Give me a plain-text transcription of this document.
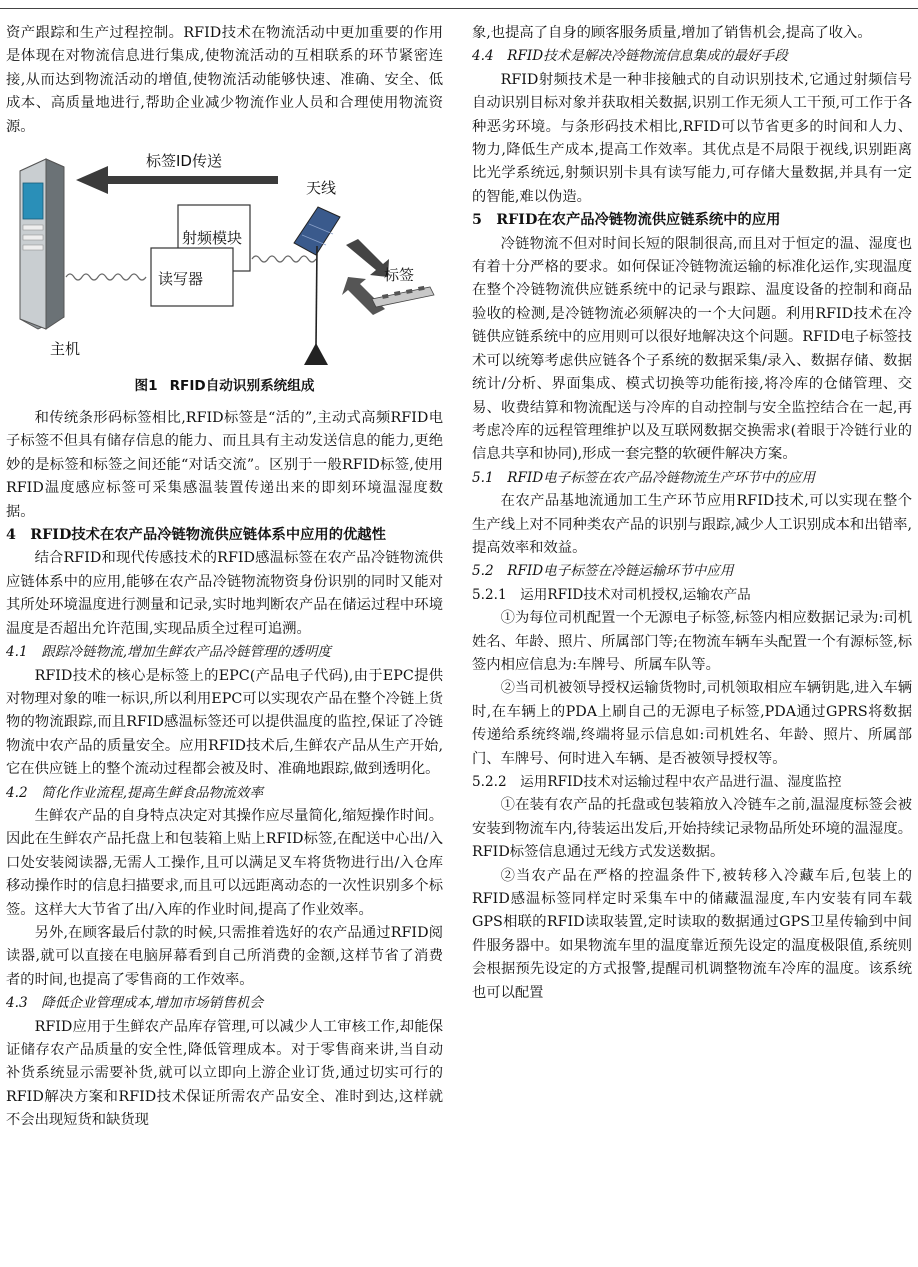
资产跟踪和生产过程控制。RFID技术在物流活动中更加重要的作用是体现在对物流信息进行集成,使物流活动的互相联系的环节紧密连接,从而达到物流活动的增值,使物流活动能够快速、准确、安全、低成本、高质量地进行,帮助企业减少物流作业人员和合理使用物流资源。

标签ID传送
射频模块
读写器
天线
标签
主机
图1 RFID自动识别系统组成

和传统条形码标签相比,RFID标签是“活的”,主动式高频RFID电子标签不但具有储存信息的能力、而且具有主动发送信息的能力,更绝妙的是标签和标签之间还能“对话交流”。区别于一般RFID标签,使用RFID温度感应标签可采集感温装置传递出来的即刻环境温湿度数据。

4　RFID技术在农产品冷链物流供应链体系中应用的优越性

结合RFID和现代传感技术的RFID感温标签在农产品冷链物流供应链体系中的应用,能够在农产品冷链物流物资身份识别的同时又能对其所处环境温度进行测量和记录,实时地判断农产品在储运过程中环境温度是否超出允许范围,实现品质全过程可追溯。

4.1　跟踪冷链物流,增加生鲜农产品冷链管理的透明度

RFID技术的核心是标签上的EPC(产品电子代码),由于EPC提供对物理对象的唯一标识,所以利用EPC可以实现农产品在整个冷链上货物的物流跟踪,而且RFID感温标签还可以提供温度的监控,保证了冷链物流中农产品的质量安全。应用RFID技术后,生鲜农产品从生产开始,它在供应链上的整个流动过程都会被及时、准确地跟踪,做到透明化。

4.2　简化作业流程,提高生鲜食品物流效率

生鲜农产品的自身特点决定对其操作应尽量简化,缩短操作时间。因此在生鲜农产品托盘上和包装箱上贴上RFID标签,在配送中心出/入口处安装阅读器,无需人工操作,且可以满足叉车将货物进行出/入仓库移动操作时的信息扫描要求,而且可以远距离动态的一次性识别多个标签。这样大大节省了出/入库的作业时间,提高了作业效率。

另外,在顾客最后付款的时候,只需推着选好的农产品通过RFID阅读器,就可以直接在电脑屏幕看到自己所消费的金额,这样节省了消费者的时间,也提高了零售商的工作效率。

4.3　降低企业管理成本,增加市场销售机会

RFID应用于生鲜农产品库存管理,可以减少人工审核工作,却能保证储存农产品质量的安全性,降低管理成本。对于零售商来讲,当自动补货系统显示需要补货,就可以立即向上游企业订货,通过切实可行的RFID解决方案和RFID技术保证所需农产品安全、准时到达,这样就不会出现短货和缺货现

象,也提高了自身的顾客服务质量,增加了销售机会,提高了收入。

4.4　RFID技术是解决冷链物流信息集成的最好手段

RFID射频技术是一种非接触式的自动识别技术,它通过射频信号自动识别目标对象并获取相关数据,识别工作无须人工干预,可工作于各种恶劣环境。与条形码技术相比,RFID可以节省更多的时间和人力、物力,降低生产成本,提高工作效率。其优点是不局限于视线,识别距离比光学系统远,射频识别卡具有读写能力,可存储大量数据,并具有一定的智能,难以伪造。

5　RFID在农产品冷链物流供应链系统中的应用

冷链物流不但对时间长短的限制很高,而且对于恒定的温、湿度也有着十分严格的要求。如何保证冷链物流运输的标准化运作,实现温度在整个冷链物流供应链系统中的记录与跟踪、温度设备的控制和商品验收的检测,是冷链物流必须解决的一个大问题。利用RFID技术在冷链供应链系统中的应用则可以很好地解决这个问题。RFID电子标签技术可以统筹考虑供应链各个子系统的数据采集/录入、数据存储、数据统计/分析、界面集成、模式切换等功能衔接,将冷库的仓储管理、交易、收费结算和物流配送与冷库的自动控制与安全监控结合在一起,再考虑冷库的远程管理维护以及互联网数据交换需求(着眼于冷链行业的信息共享和协同),形成一套完整的软硬件解决方案。

5.1　RFID电子标签在农产品冷链物流生产环节中的应用

在农产品基地流通加工生产环节应用RFID技术,可以实现在整个生产线上对不同种类农产品的识别与跟踪,减少人工识别成本和出错率,提高效率和效益。

5.2　RFID电子标签在冷链运输环节中应用
5.2.1　运用RFID技术对司机授权,运输农产品

①为每位司机配置一个无源电子标签,标签内相应数据记录为:司机姓名、年龄、照片、所属部门等;在物流车辆车头配置一个有源标签,标签内相应信息为:车牌号、所属车队等。

②当司机被领导授权运输货物时,司机领取相应车辆钥匙,进入车辆时,在车辆上的PDA上刷自己的无源电子标签,PDA通过GPRS将数据传递给系统终端,终端将显示信息如:司机姓名、年龄、照片、所属部门、车牌号、何时进入车辆、是否被领导授权等。

5.2.2　运用RFID技术对运输过程中农产品进行温、湿度监控

①在装有农产品的托盘或包装箱放入冷链车之前,温湿度标签会被安装到物流车内,待装运出发后,开始持续记录物品所处环境的温湿度。RFID标签信息通过无线方式发送数据。

②当农产品在严格的控温条件下,被转移入冷藏车后,包装上的RFID感温标签同样定时采集车中的储藏温湿度,车内安装有同车载GPS相联的RFID读取装置,定时读取的数据通过GPS卫星传输到中间件服务器中。如果物流车里的温度靠近预先设定的温度极限值,系统则会根据预先设定的方式报警,提醒司机调整物流车冷库的温度。该系统也可以配置
